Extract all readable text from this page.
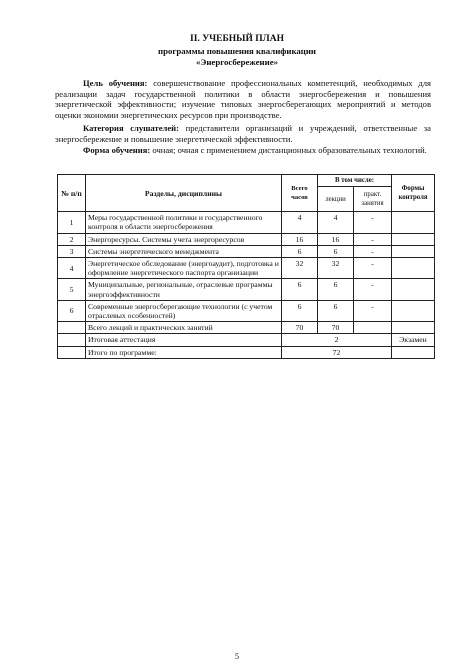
II. УЧЕБНЫЙ ПЛАН
программы повышения квалификации
«Энергосбережение»
Цель обучения: совершенствование профессиональных компетенций, необходимых для реализации задач государственной политики в области энергосбережения и повышения энергетической эффективности; изучение типовых энергосберегающих мероприятий и методов оценки экономии энергетических ресурсов при производстве.
Категория слушателей: представители организаций и учреждений, ответственные за энергосбережение и повышение энергетической эффективности.
Форма обучения: очная; очная с применением дистанционных образовательных технологий.
№ п/п	Разделы, дисциплины	Всего часов	В том числе:		Формы контроля
			лекции	практ. занятия	
1	Меры государственной политики и государственного контроля в области энергосбережения	4	4	-	
2	Энергоресурсы. Системы учета энергоресурсов	16	16	-	
3	Системы энергетического менеджмента	6	6	-	
4	Энергетическое обследование (энергоаудит), подготовка и оформление энергетического паспорта организации	32	32	-	
5	Муниципальные, региональные, отраслевые программы энергоэффективности	6	6	-	
6	Современные энергосберегающие технологии (с учетом отраслевых особенностей)	6	6	-	
	Всего лекций и практических занятий	70	70		
	Итоговая аттестация	2			Экзамен
	Итого по программе:	72			
5
